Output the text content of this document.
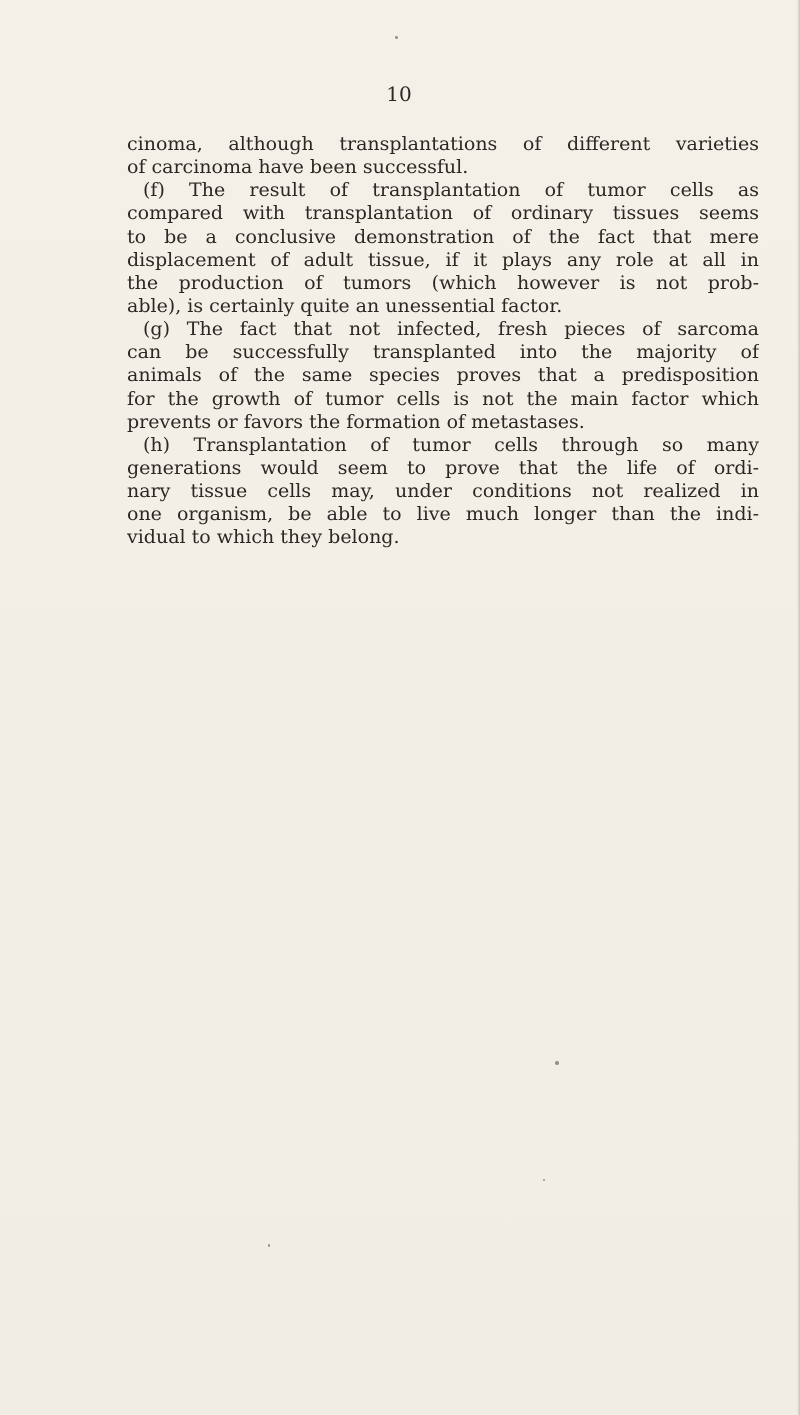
10
cinoma, although transplantations of different varieties
of carcinoma have been successful.
(f) The result of transplantation of tumor cells as
compared with transplantation of ordinary tissues seems
to be a conclusive demonstration of the fact that mere
displacement of adult tissue, if it plays any role at all in
the production of tumors (which however is not prob-
able), is certainly quite an unessential factor.
(g) The fact that not infected, fresh pieces of sarcoma
can be successfully transplanted into the majority of
animals of the same species proves that a predisposition
for the growth of tumor cells is not the main factor which
prevents or favors the formation of metastases.
(h) Transplantation of tumor cells through so many
generations would seem to prove that the life of ordi-
nary tissue cells may, under conditions not realized in
one organism, be able to live much longer than the indi-
vidual to which they belong.
